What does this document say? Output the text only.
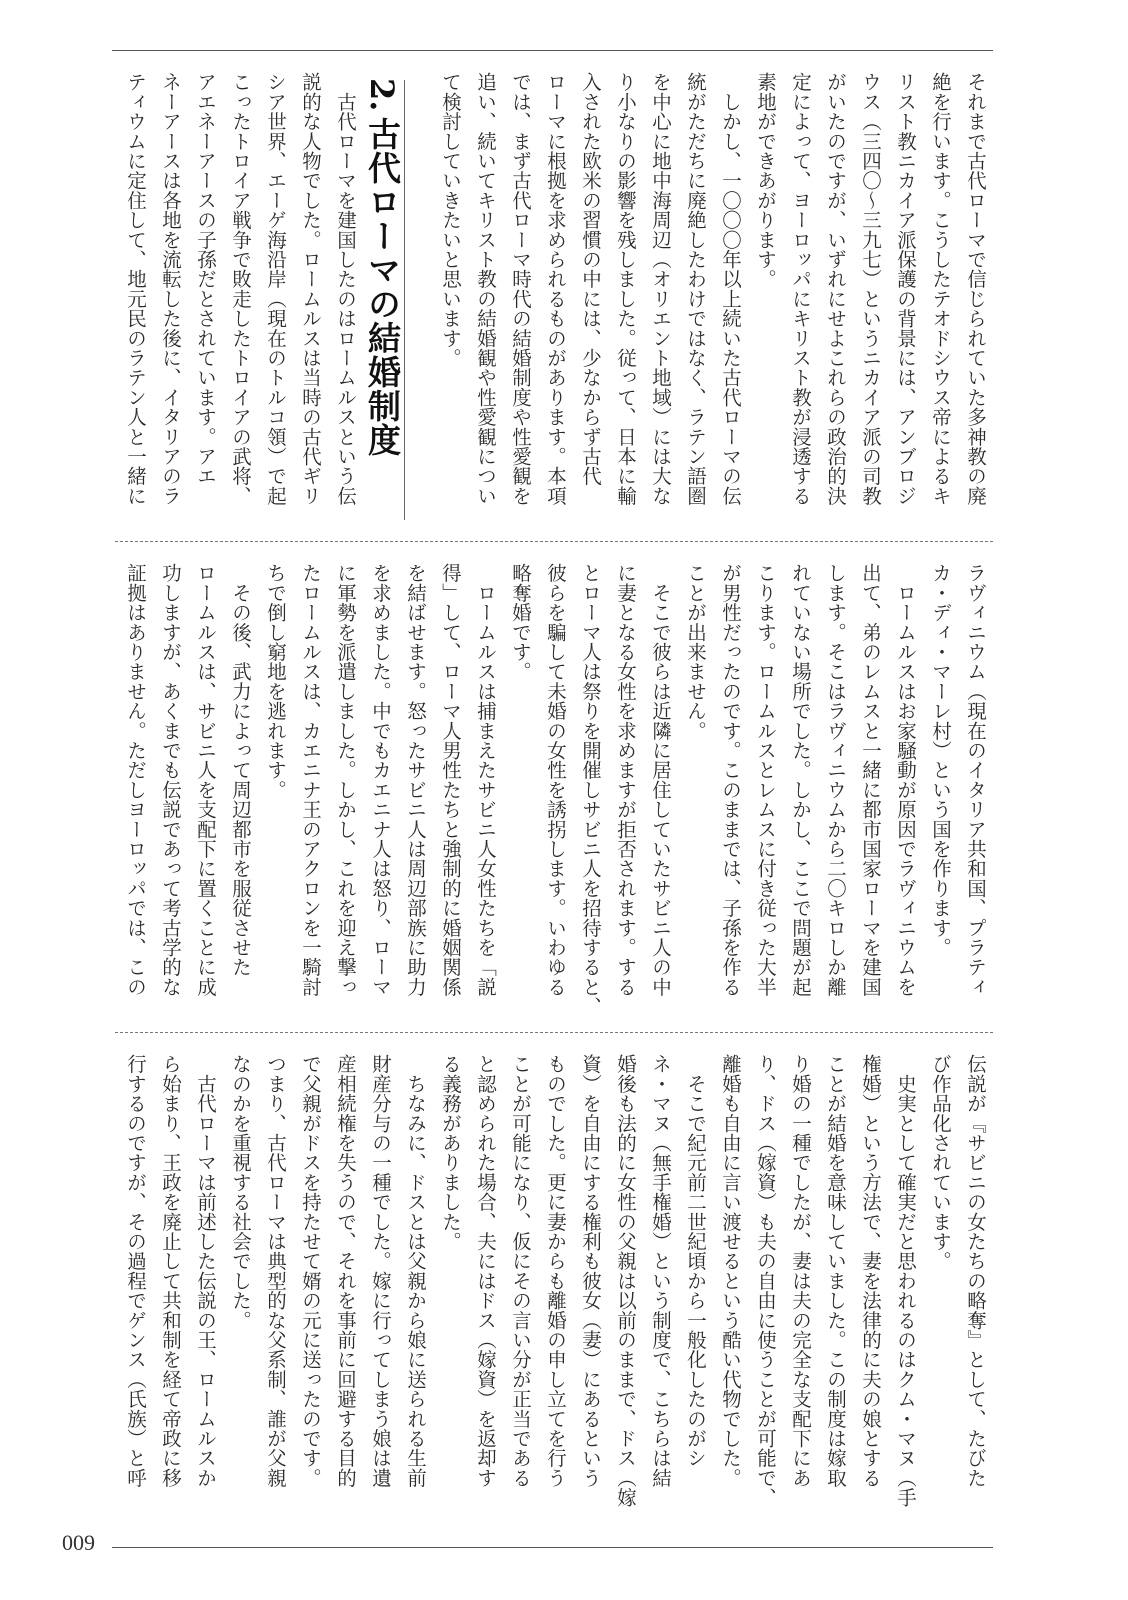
それまで古代ローマで信じられていた多神教の廃
絶を行います。こうしたテオドシウス帝によるキ
リスト教ニカイア派保護の背景には、アンブロジ
ウス（三四〇～三九七）というニカイア派の司教
がいたのですが、いずれにせよこれらの政治的決
定によって、ヨーロッパにキリスト教が浸透する
素地ができあがります。
　しかし、一〇〇〇年以上続いた古代ローマの伝
統がただちに廃絶したわけではなく、ラテン語圏
を中心に地中海周辺（オリエント地域）には大な
り小なりの影響を残しました。従って、日本に輸
入された欧米の習慣の中には、少なからず古代
ローマに根拠を求められるものがあります。本項
では、まず古代ローマ時代の結婚制度や性愛観を
追い、続いてキリスト教の結婚観や性愛観につい
て検討していきたいと思います。
2. 古代ローマの結婚制度
　古代ローマを建国したのはロームルスという伝
説的な人物でした。ロームルスは当時の古代ギリ
シア世界、エーゲ海沿岸（現在のトルコ領）で起
こったトロイア戦争で敗走したトロイアの武将、
アエネーアースの子孫だとされています。アエ
ネーアースは各地を流転した後に、イタリアのラ
ティウムに定住して、地元民のラテン人と一緒に
ラヴィニウム（現在のイタリア共和国、プラティ
カ・ディ・マーレ村）という国を作ります。
　ロームルスはお家騒動が原因でラヴィニウムを
出て、弟のレムスと一緒に都市国家ローマを建国
します。そこはラヴィニウムから二〇キロしか離
れていない場所でした。しかし、ここで問題が起
こります。ロームルスとレムスに付き従った大半
が男性だったのです。このままでは、子孫を作る
ことが出来ません。
　そこで彼らは近隣に居住していたサビニ人の中
に妻となる女性を求めますが拒否されます。する
とローマ人は祭りを開催しサビニ人を招待すると、
彼らを騙して未婚の女性を誘拐します。いわゆる
略奪婚です。
　ロームルスは捕まえたサビニ人女性たちを「説
得」して、ローマ人男性たちと強制的に婚姻関係
を結ばせます。怒ったサビニ人は周辺部族に助力
を求めました。中でもカエニナ人は怒り、ローマ
に軍勢を派遣しました。しかし、これを迎え撃っ
たロームルスは、カエニナ王のアクロンを一騎討
ちで倒し窮地を逃れます。
　その後、武力によって周辺都市を服従させた
ロームルスは、サビニ人を支配下に置くことに成
功しますが、あくまでも伝説であって考古学的な
証拠はありません。ただしヨーロッパでは、この
伝説が『サビニの女たちの略奪』として、たびた
び作品化されています。
　史実として確実だと思われるのはクム・マヌ（手
権婚）という方法で、妻を法律的に夫の娘とする
ことが結婚を意味していました。この制度は嫁取
り婚の一種でしたが、妻は夫の完全な支配下にあ
り、ドス（嫁資）も夫の自由に使うことが可能で、
離婚も自由に言い渡せるという酷い代物でした。
　そこで紀元前二世紀頃から一般化したのがシ
ネ・マヌ（無手権婚）という制度で、こちらは結
婚後も法的に女性の父親は以前のままで、ドス（嫁
資）を自由にする権利も彼女（妻）にあるという
ものでした。更に妻からも離婚の申し立てを行う
ことが可能になり、仮にその言い分が正当である
と認められた場合、夫にはドス（嫁資）を返却す
る義務がありました。
　ちなみに、ドスとは父親から娘に送られる生前
財産分与の一種でした。嫁に行ってしまう娘は遺
産相続権を失うので、それを事前に回避する目的
で父親がドスを持たせて婿の元に送ったのです。
つまり、古代ローマは典型的な父系制、誰が父親
なのかを重視する社会でした。
　古代ローマは前述した伝説の王、ロームルスか
ら始まり、王政を廃止して共和制を経て帝政に移
行するのですが、その過程でゲンス（氏族）と呼
009
